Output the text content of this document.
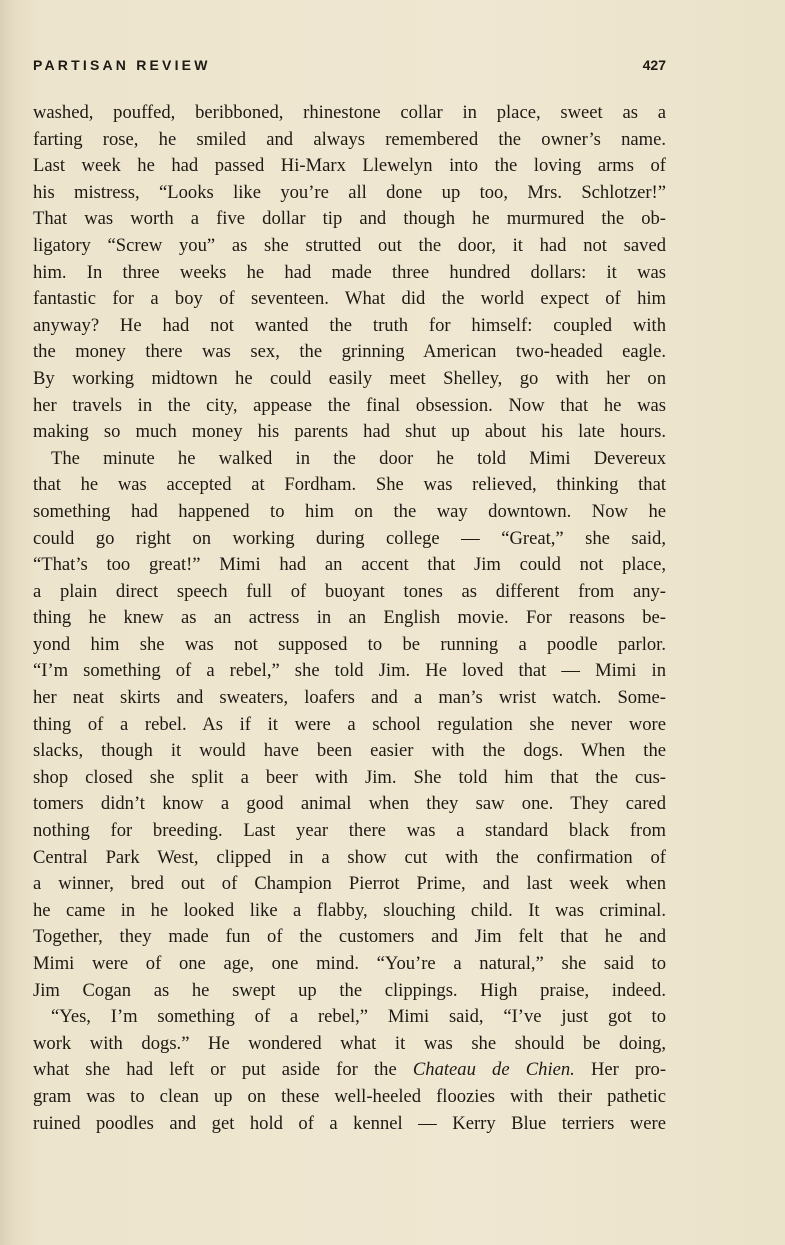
PARTISAN REVIEW	427
washed, pouffed, beribboned, rhinestone collar in place, sweet as a
farting rose, he smiled and always remembered the owner’s name.
Last week he had passed Hi-Marx Llewelyn into the loving arms of
his mistress, “Looks like you’re all done up too, Mrs. Schlotzer!”
That was worth a five dollar tip and though he murmured the ob-
ligatory “Screw you” as she strutted out the door, it had not saved
him. In three weeks he had made three hundred dollars: it was
fantastic for a boy of seventeen. What did the world expect of him
anyway? He had not wanted the truth for himself: coupled with
the money there was sex, the grinning American two-headed eagle.
By working midtown he could easily meet Shelley, go with her on
her travels in the city, appease the final obsession. Now that he was
making so much money his parents had shut up about his late hours.
The minute he walked in the door he told Mimi Devereux
that he was accepted at Fordham. She was relieved, thinking that
something had happened to him on the way downtown. Now he
could go right on working during college — “Great,” she said,
“That’s too great!” Mimi had an accent that Jim could not place,
a plain direct speech full of buoyant tones as different from any-
thing he knew as an actress in an English movie. For reasons be-
yond him she was not supposed to be running a poodle parlor.
“I’m something of a rebel,” she told Jim. He loved that — Mimi in
her neat skirts and sweaters, loafers and a man’s wrist watch. Some-
thing of a rebel. As if it were a school regulation she never wore
slacks, though it would have been easier with the dogs. When the
shop closed she split a beer with Jim. She told him that the cus-
tomers didn’t know a good animal when they saw one. They cared
nothing for breeding. Last year there was a standard black from
Central Park West, clipped in a show cut with the confirmation of
a winner, bred out of Champion Pierrot Prime, and last week when
he came in he looked like a flabby, slouching child. It was criminal.
Together, they made fun of the customers and Jim felt that he and
Mimi were of one age, one mind. “You’re a natural,” she said to
Jim Cogan as he swept up the clippings. High praise, indeed.
“Yes, I’m something of a rebel,” Mimi said, “I’ve just got to
work with dogs.” He wondered what it was she should be doing,
what she had left or put aside for the Chateau de Chien. Her pro-
gram was to clean up on these well-heeled floozies with their pathetic
ruined poodles and get hold of a kennel — Kerry Blue terriers were
